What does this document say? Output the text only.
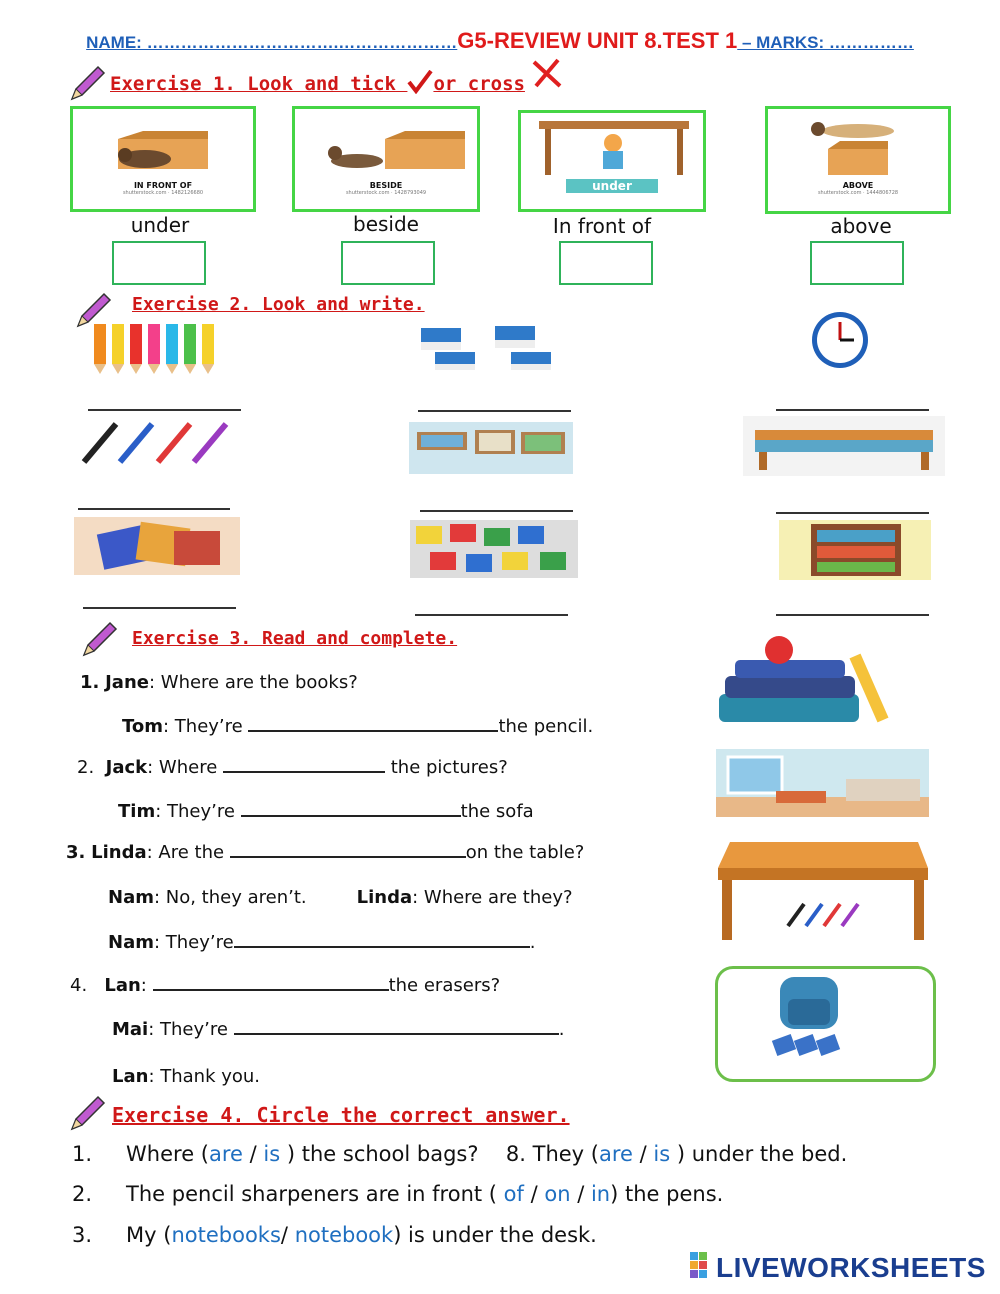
NAME: …………………………….…………………G5-REVIEW UNIT 8.TEST 1 – MARKS: ……………
Exercise 1. Look and tick or cross
IN FRONT OF
shutterstock.com · 1482126680
under
BESIDE
shutterstock.com · 1428793049
beside
under
In front of
ABOVE
shutterstock.com · 1444806728
above
Exercise 2. Look and write.
Exercise 3. Read and complete.
1. Jane: Where are the books?
Tom: They’re	the pencil.
2. Jack: Where	the pictures?
Tim: They’re	the sofa
3. Linda: Are the	on the table?
Nam: No, they aren’t.	Linda: Where are they?
Nam: They’re	.
4. Lan:	the erasers?
Mai: They’re	.
Lan: Thank you.
Exercise 4. Circle the correct answer.
1. Where (are / is ) the school bags? 8. They (are / is ) under the bed.
2. The pencil sharpeners are in front ( of / on / in) the pens.
3. My (notebooks/ notebook) is under the desk.
LIVEWORKSHEETS
